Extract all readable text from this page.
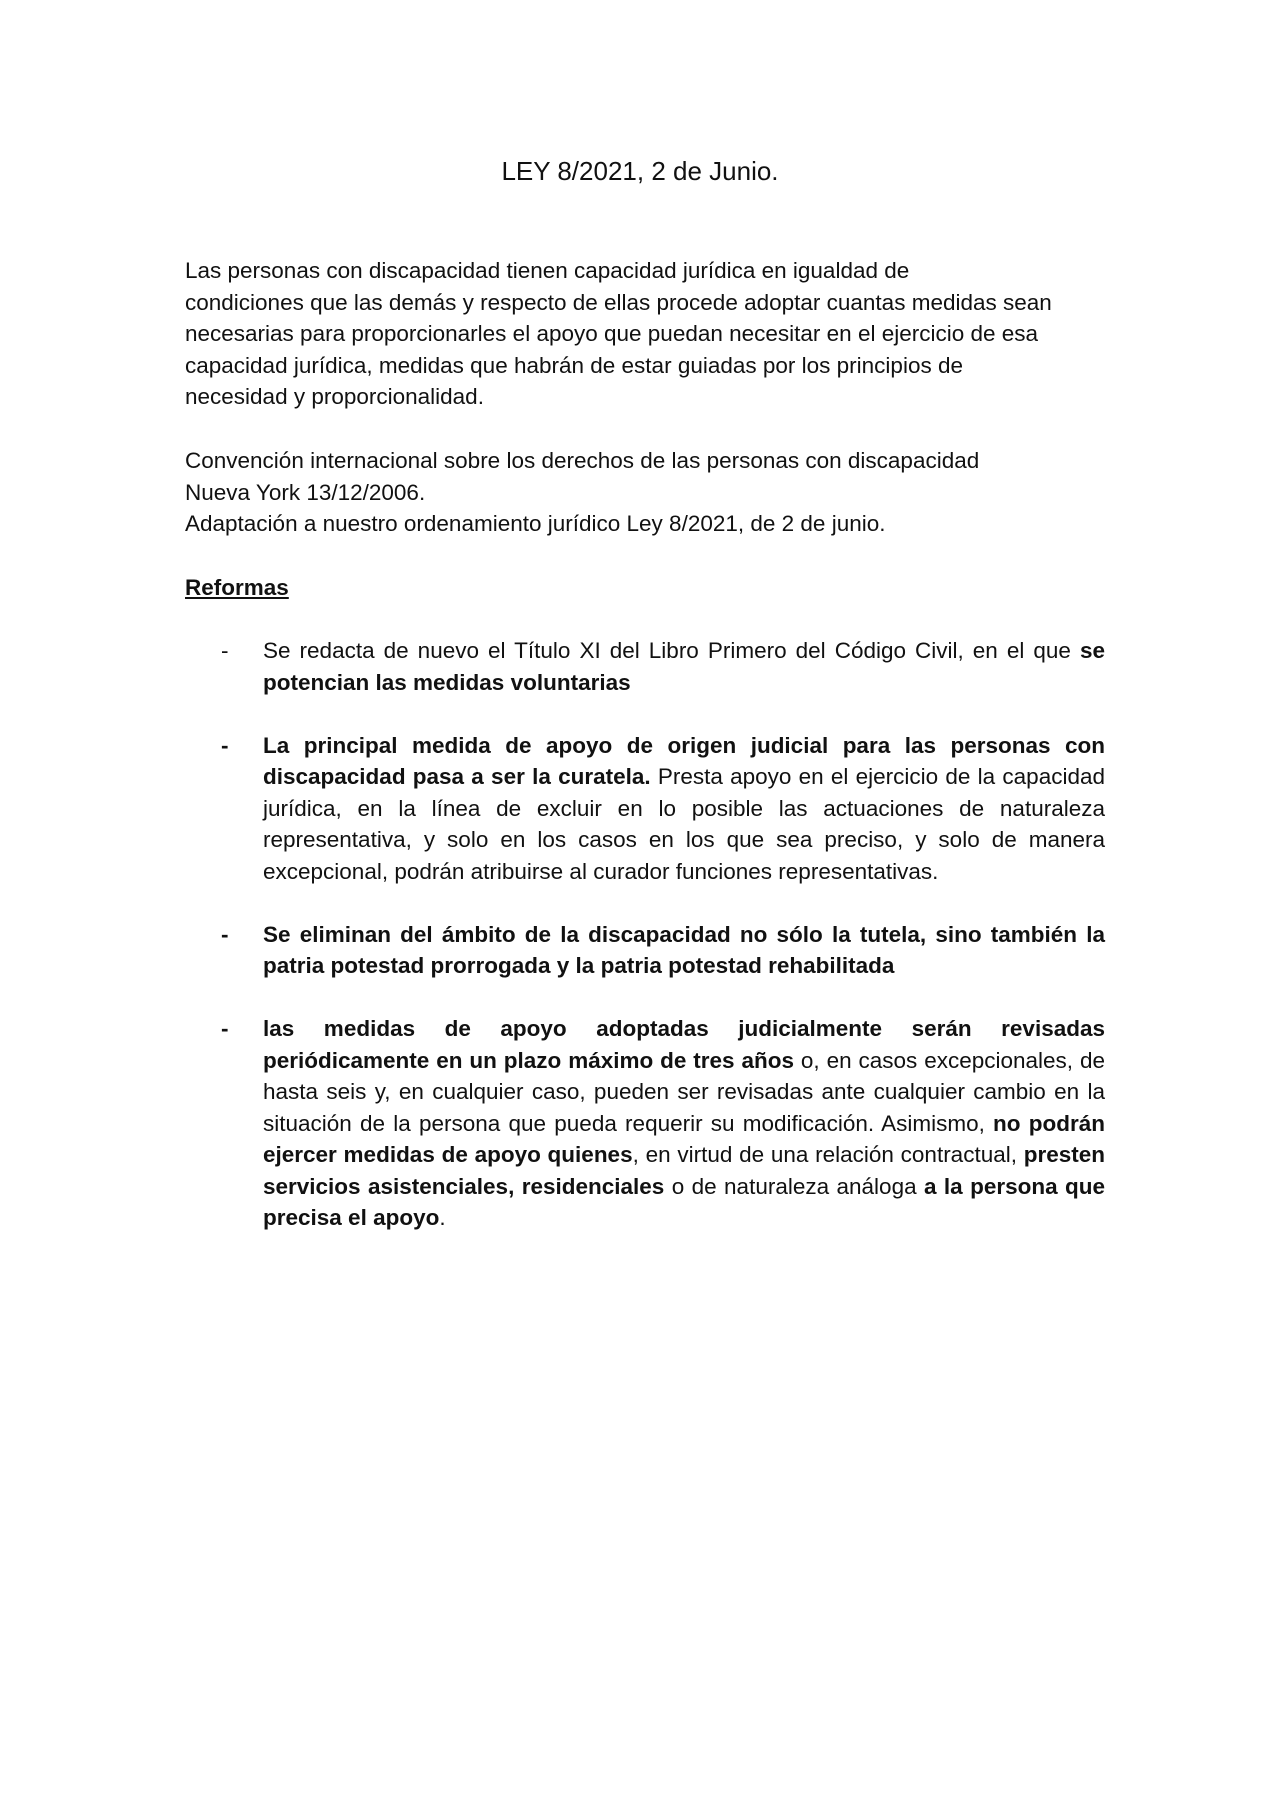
LEY 8/2021, 2 de Junio.

Las personas con discapacidad tienen capacidad jurídica en igualdad de

condiciones que las demás y respecto de ellas procede adoptar cuantas medidas sean

necesarias para proporcionarles el apoyo que puedan necesitar en el ejercicio de esa

capacidad jurídica, medidas que habrán de estar guiadas por los principios de

necesidad y proporcionalidad.

Convención internacional sobre los derechos de las personas con discapacidad

Nueva York 13/12/2006.

Adaptación a nuestro ordenamiento jurídico Ley 8/2021, de 2 de junio.

Reformas
- Se redacta de nuevo el Título XI del Libro Primero del Código Civil, en el que se potencian las medidas voluntarias
- La principal medida de apoyo de origen judicial para las personas con discapacidad pasa a ser la curatela. Presta apoyo en el ejercicio de la capacidad jurídica, en la línea de excluir en lo posible las actuaciones de naturaleza representativa, y solo en los casos en los que sea preciso, y solo de manera excepcional, podrán atribuirse al curador funciones representativas.
- Se eliminan del ámbito de la discapacidad no sólo la tutela, sino también la patria potestad prorrogada y la patria potestad rehabilitada
- las medidas de apoyo adoptadas judicialmente serán revisadas periódicamente en un plazo máximo de tres años o, en casos excepcionales, de hasta seis y, en cualquier caso, pueden ser revisadas ante cualquier cambio en la situación de la persona que pueda requerir su modificación. Asimismo, no podrán ejercer medidas de apoyo quienes, en virtud de una relación contractual, presten servicios asistenciales, residenciales o de naturaleza análoga a la persona que precisa el apoyo.
